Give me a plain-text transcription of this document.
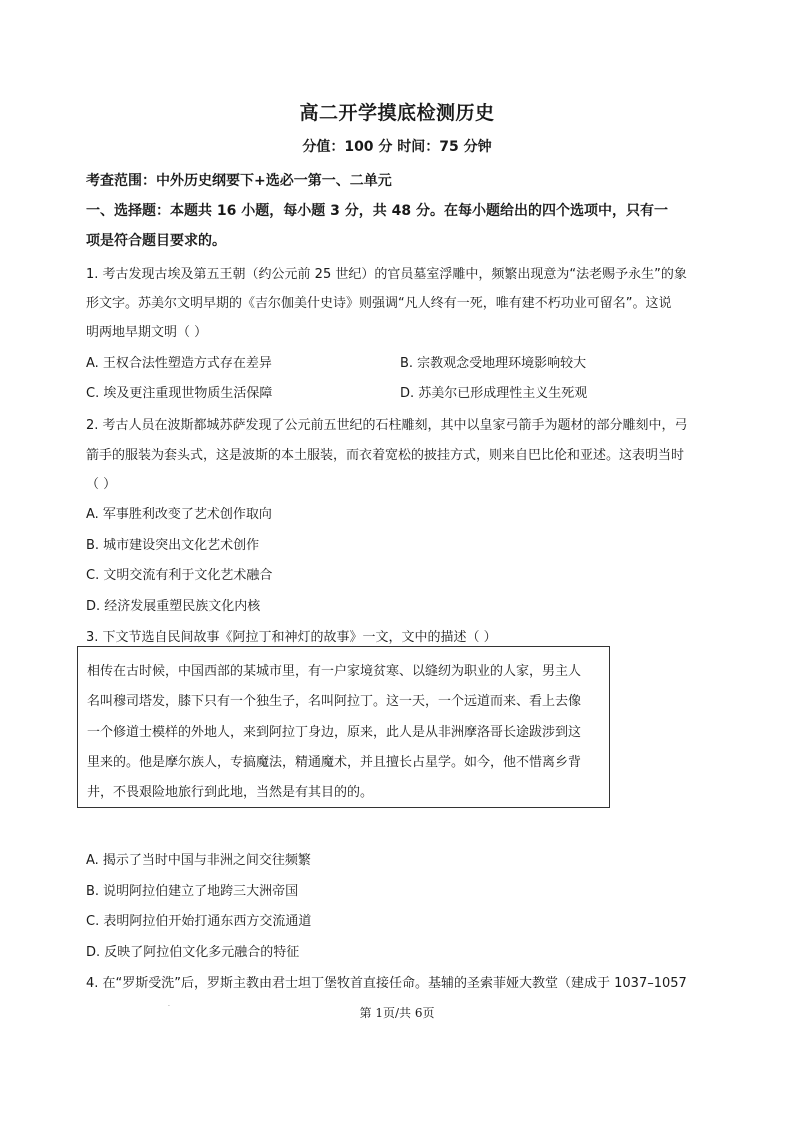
高二开学摸底检测历史
分值：100 分 时间：75 分钟
考查范围：中外历史纲要下+选必一第一、二单元
一、选择题：本题共 16 小题，每小题 3 分，共 48 分。在每小题给出的四个选项中，只有一
项是符合题目要求的。
1. 考古发现古埃及第五王朝（约公元前 25 世纪）的官员墓室浮雕中，频繁出现意为“法老赐予永生”的象
形文字。苏美尔文明早期的《吉尔伽美什史诗》则强调“凡人终有一死，唯有建不朽功业可留名”。这说
明两地早期文明（ ）
A. 王权合法性塑造方式存在差异	B. 宗教观念受地理环境影响较大
C. 埃及更注重现世物质生活保障	D. 苏美尔已形成理性主义生死观
2. 考古人员在波斯都城苏萨发现了公元前五世纪的石柱雕刻，其中以皇家弓箭手为题材的部分雕刻中，弓
箭手的服装为套头式，这是波斯的本土服装，而衣着宽松的披挂方式，则来自巴比伦和亚述。这表明当时
（ ）
A. 军事胜利改变了艺术创作取向
B. 城市建设突出文化艺术创作
C. 文明交流有利于文化艺术融合
D. 经济发展重塑民族文化内核
3. 下文节选自民间故事《阿拉丁和神灯的故事》一文，文中的描述（ ）
相传在古时候，中国西部的某城市里，有一户家境贫寒、以缝纫为职业的人家，男主人
名叫穆司塔发，膝下只有一个独生子，名叫阿拉丁。这一天，一个远道而来、看上去像
一个修道士模样的外地人，来到阿拉丁身边，原来，此人是从非洲摩洛哥长途跋涉到这
里来的。他是摩尔族人，专搞魔法，精通魔术，并且擅长占星学。如今，他不惜离乡背
井，不畏艰险地旅行到此地，当然是有其目的的。
A. 揭示了当时中国与非洲之间交往频繁
B. 说明阿拉伯建立了地跨三大洲帝国
C. 表明阿拉伯开始打通东西方交流通道
D. 反映了阿拉伯文化多元融合的特征
4. 在“罗斯受洗”后，罗斯主教由君士坦丁堡牧首直接任命。基辅的圣索菲娅大教堂（建成于 1037–1057
.
第 1页/共 6页
